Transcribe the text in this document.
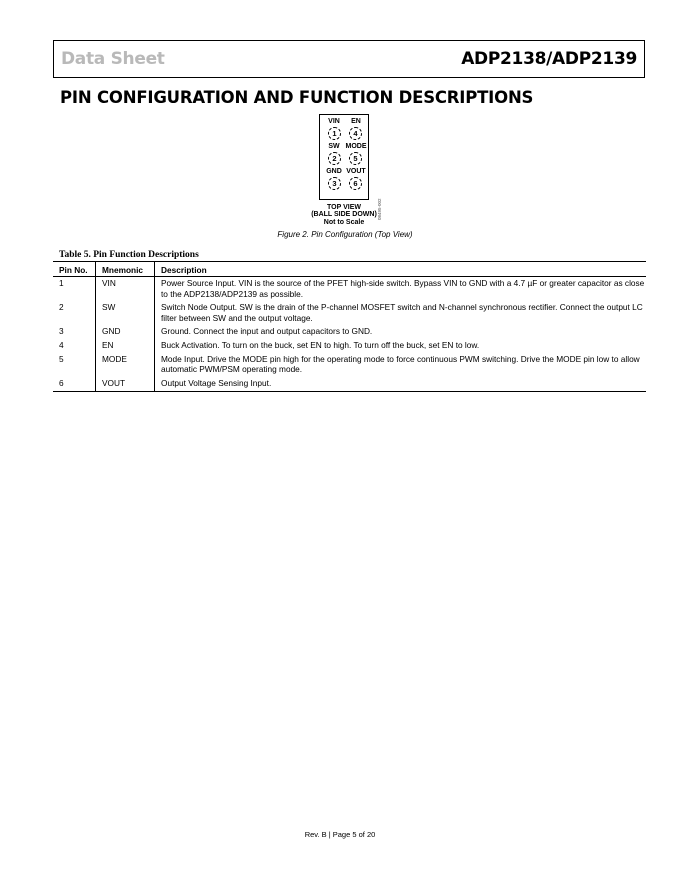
Data Sheet	ADP2138/ADP2139
PIN CONFIGURATION AND FUNCTION DESCRIPTIONS
VIN	EN
1	4
SW MODE
2	5
GND VOUT
3	6
TOP VIEW
(BALL SIDE DOWN)
Not to Scale
08495-002
Figure 2. Pin Configuration (Top View)
Table 5. Pin Function Descriptions
Pin No.	Mnemonic	Description
1	VIN	Power Source Input. VIN is the source of the PFET high-side switch. Bypass VIN to GND with a 4.7 µF or greater capacitor as close to the ADP2138/ADP2139 as possible.
2	SW	Switch Node Output. SW is the drain of the P-channel MOSFET switch and N-channel synchronous rectifier. Connect the output LC filter between SW and the output voltage.
3	GND	Ground. Connect the input and output capacitors to GND.
4	EN	Buck Activation. To turn on the buck, set EN to high. To turn off the buck, set EN to low.
5	MODE	Mode Input. Drive the MODE pin high for the operating mode to force continuous PWM switching. Drive the MODE pin low to allow automatic PWM/PSM operating mode.
6	VOUT	Output Voltage Sensing Input.
Rev. B | Page 5 of 20
